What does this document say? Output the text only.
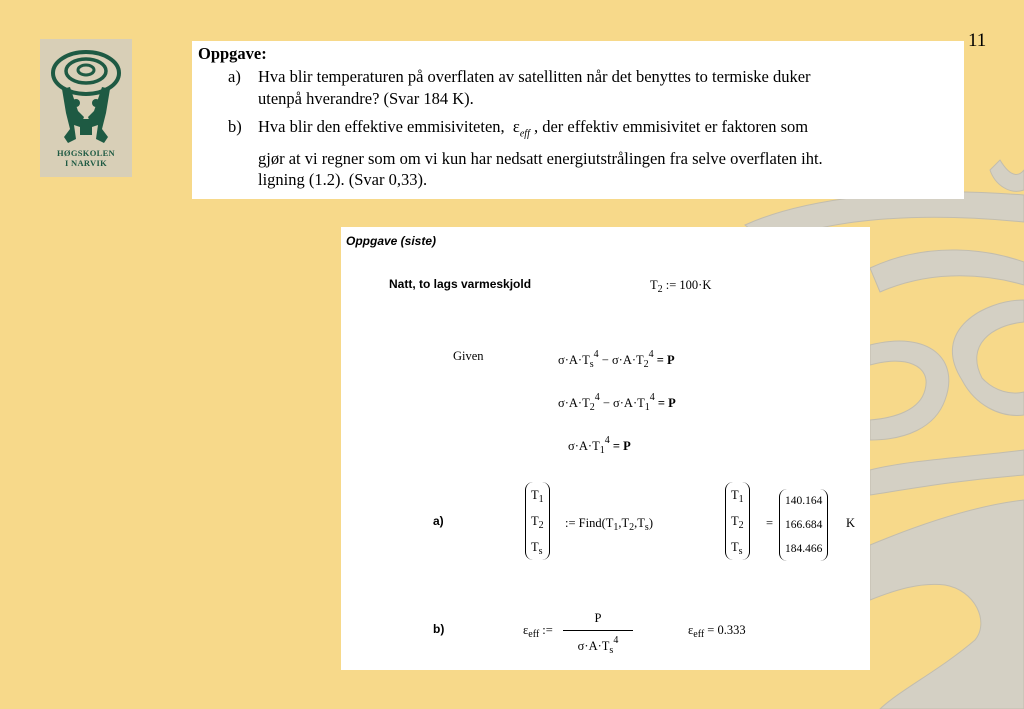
11
HØGSKOLEN
I NARVIK
Oppgave:
a) Hva blir temperaturen på overflaten av satellitten når det benyttes to termiske duker
utenpå hverandre? (Svar 184 K).
b) Hva blir den effektive emmisiviteten, $\varepsilon_{eff}$ , der effektiv emmisivitet er faktoren som
gjør at vi regner som om vi kun har nedsatt energiutstrålingen fra selve overflaten iht.
ligning (1.2). (Svar 0,33).
Oppgave (siste)
Natt, to lags varmeskjold	$T_2$ := 100·K
Given	$\sigma\cdot A\cdot T_s^4 - \sigma\cdot A\cdot T_2^4 = P$
$\sigma\cdot A\cdot T_2^4 - \sigma\cdot A\cdot T_1^4 = P$
$\sigma\cdot A\cdot T_1^4 = P$
a)
$T_1$
$T_2$
$T_s$
:= $Find(T_1,T_2,T_s)$
$T_1$
$T_2$
$T_s$
=
140.164
166.684
184.466
K
b)	$\varepsilon_{eff}$ := $\frac{P}{\sigma\cdot A\cdot T_s^4}$	$\varepsilon_{eff} = 0.333$
